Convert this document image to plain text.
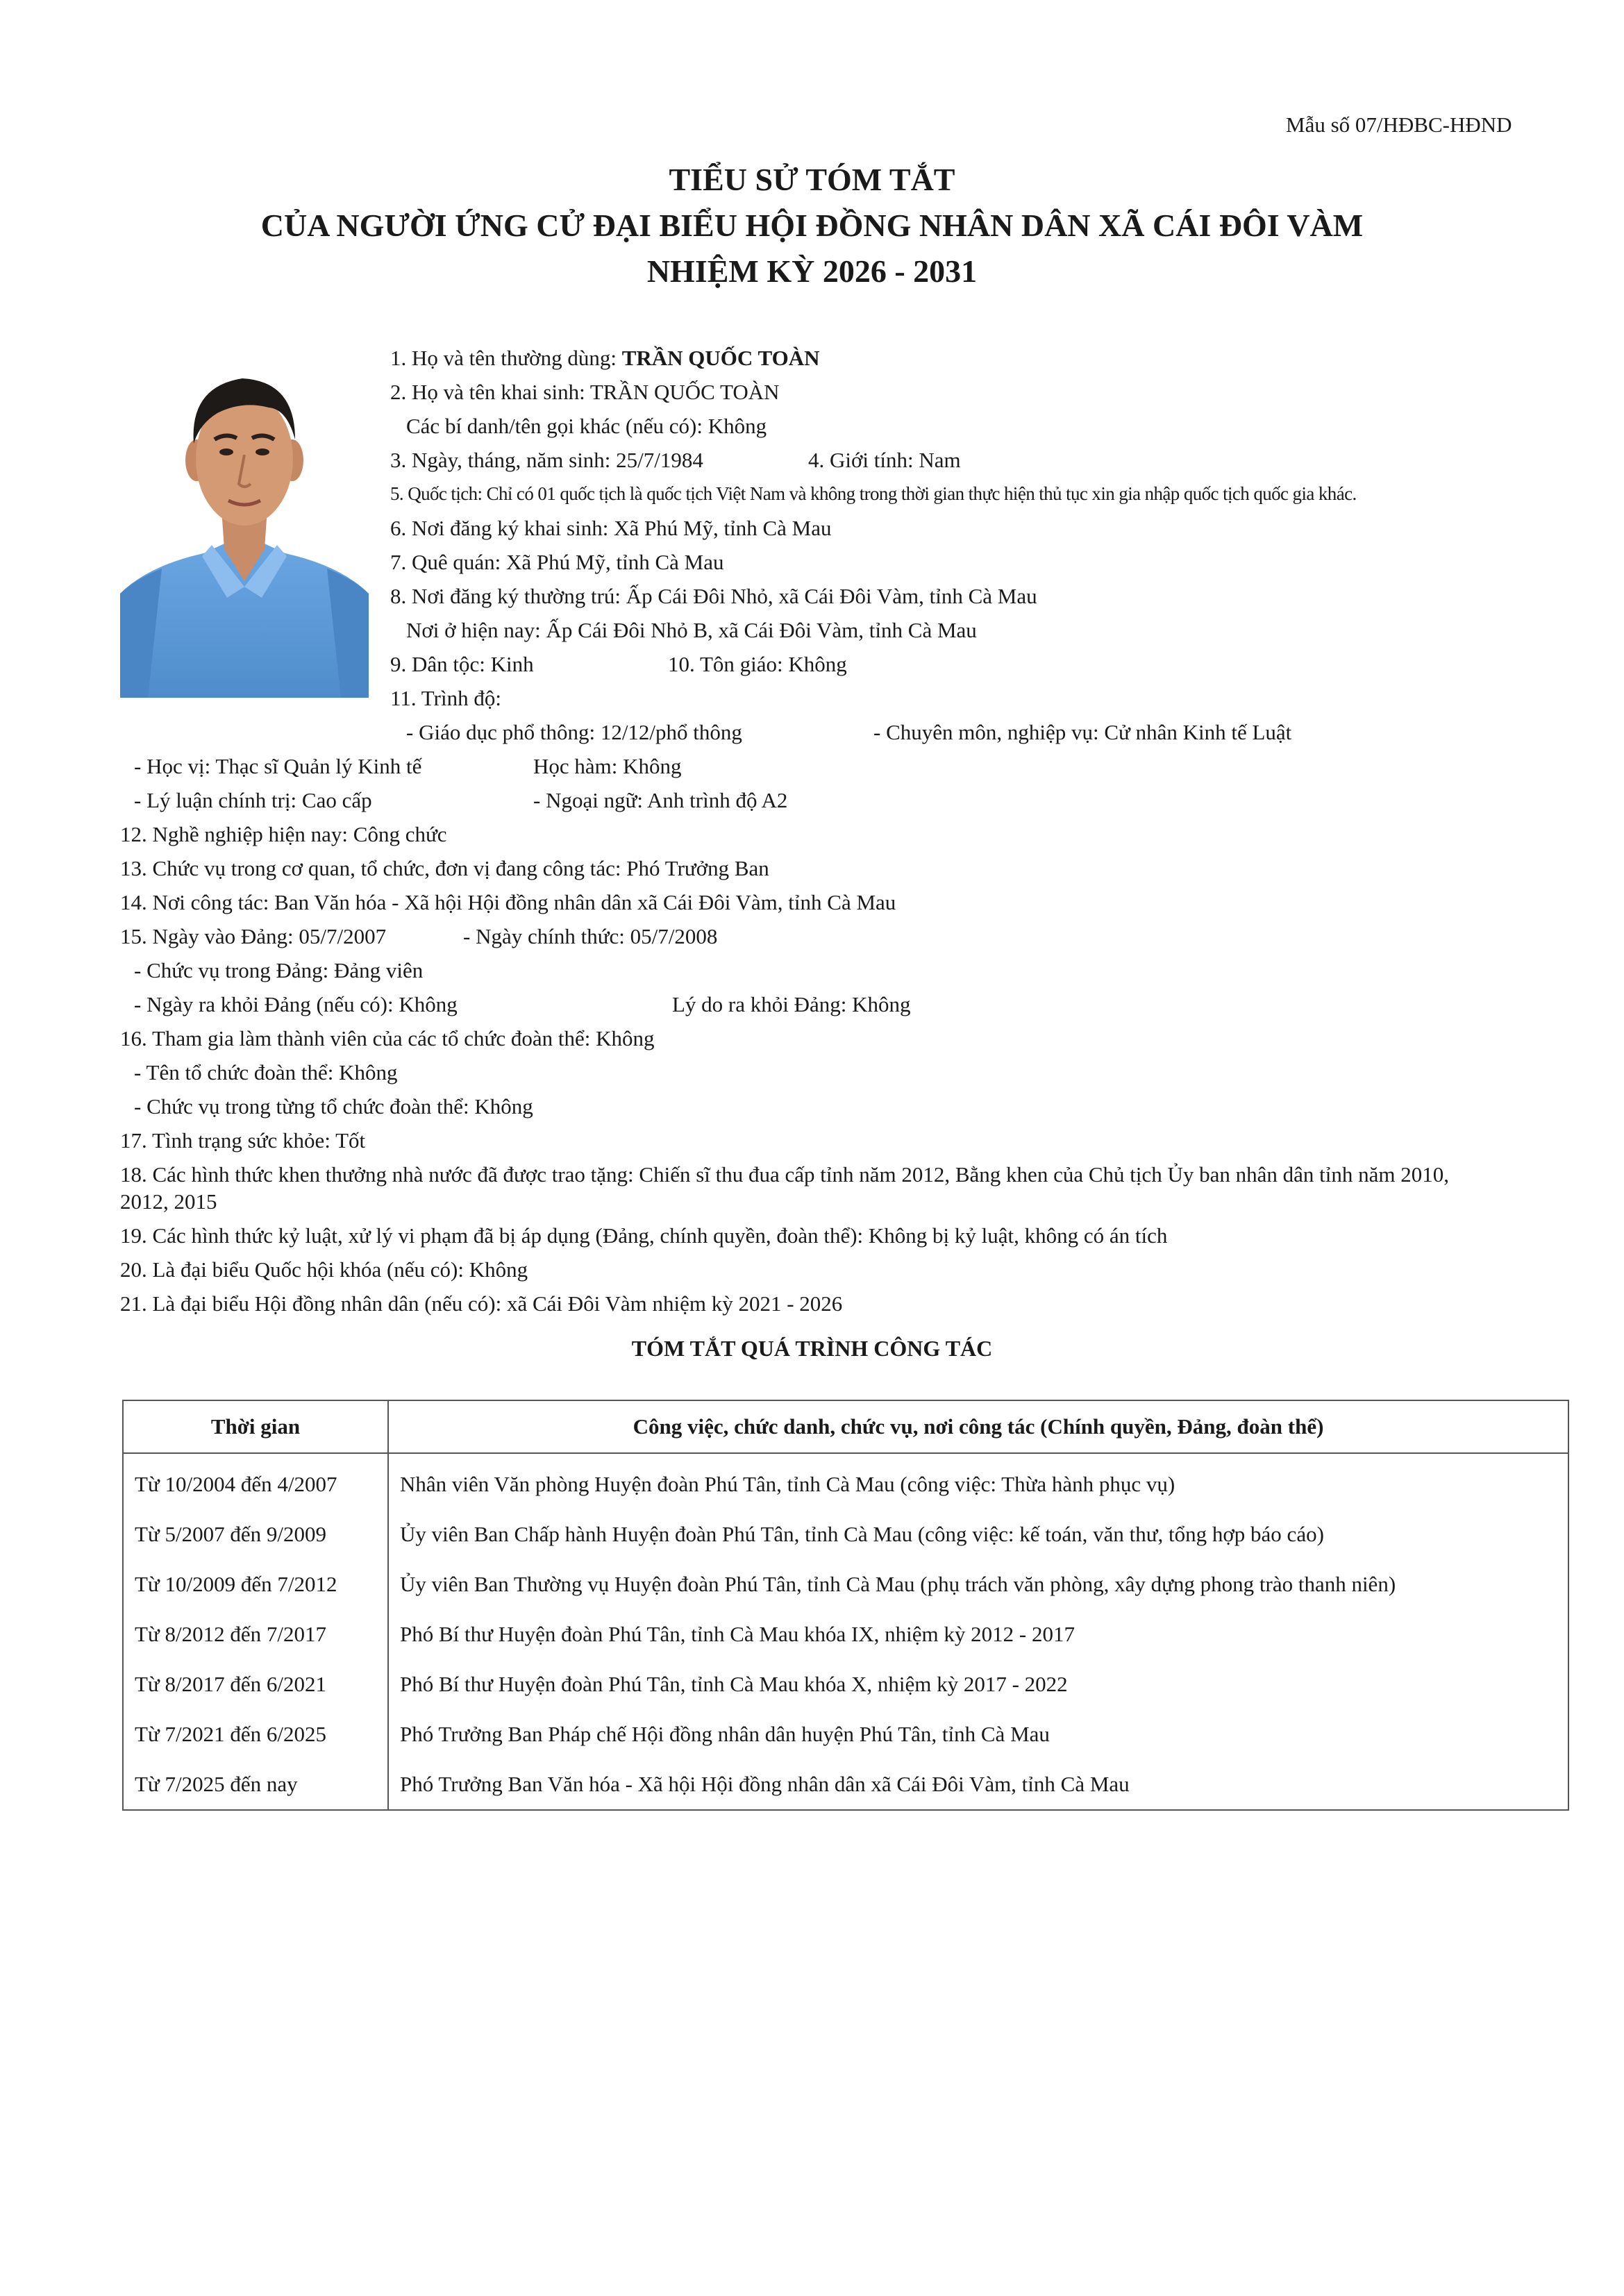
Mẫu số 07/HĐBC-HĐND
TIỂU SỬ TÓM TẮT
CỦA NGƯỜI ỨNG CỬ ĐẠI BIỂU HỘI ĐỒNG NHÂN DÂN XÃ CÁI ĐÔI VÀM
NHIỆM KỲ 2026 - 2031
1. Họ và tên thường dùng: TRẦN QUỐC TOÀN
2. Họ và tên khai sinh: TRẦN QUỐC TOÀN
Các bí danh/tên gọi khác (nếu có): Không
3. Ngày, tháng, năm sinh: 25/7/1984	4. Giới tính: Nam
5. Quốc tịch: Chỉ có 01 quốc tịch là quốc tịch Việt Nam và không trong thời gian thực hiện thủ tục xin gia nhập quốc tịch quốc gia khác.
6. Nơi đăng ký khai sinh: Xã Phú Mỹ, tỉnh Cà Mau
7. Quê quán: Xã Phú Mỹ, tỉnh Cà Mau
8. Nơi đăng ký thường trú: Ấp Cái Đôi Nhỏ, xã Cái Đôi Vàm, tỉnh Cà Mau
Nơi ở hiện nay: Ấp Cái Đôi Nhỏ B, xã Cái Đôi Vàm, tỉnh Cà Mau
9. Dân tộc: Kinh	10. Tôn giáo: Không
11. Trình độ:
- Giáo dục phổ thông: 12/12/phổ thông	- Chuyên môn, nghiệp vụ: Cử nhân Kinh tế Luật
- Học vị: Thạc sĩ Quản lý Kinh tế	Học hàm: Không
- Lý luận chính trị: Cao cấp	- Ngoại ngữ: Anh trình độ A2
12. Nghề nghiệp hiện nay: Công chức
13. Chức vụ trong cơ quan, tổ chức, đơn vị đang công tác: Phó Trưởng Ban
14. Nơi công tác: Ban Văn hóa - Xã hội Hội đồng nhân dân xã Cái Đôi Vàm, tỉnh Cà Mau
15. Ngày vào Đảng: 05/7/2007	- Ngày chính thức: 05/7/2008
- Chức vụ trong Đảng: Đảng viên
- Ngày ra khỏi Đảng (nếu có): Không	Lý do ra khỏi Đảng: Không
16. Tham gia làm thành viên của các tổ chức đoàn thể: Không
- Tên tổ chức đoàn thể: Không
- Chức vụ trong từng tổ chức đoàn thể: Không
17. Tình trạng sức khỏe: Tốt
18. Các hình thức khen thưởng nhà nước đã được trao tặng: Chiến sĩ thu đua cấp tỉnh năm 2012, Bằng khen của Chủ tịch Ủy ban nhân dân tỉnh năm 2010,
2012, 2015
19. Các hình thức kỷ luật, xử lý vi phạm đã bị áp dụng (Đảng, chính quyền, đoàn thể): Không bị kỷ luật, không có án tích
20. Là đại biểu Quốc hội khóa (nếu có): Không
21. Là đại biểu Hội đồng nhân dân (nếu có): xã Cái Đôi Vàm nhiệm kỳ 2021 - 2026
TÓM TẮT QUÁ TRÌNH CÔNG TÁC
Thời gian	Công việc, chức danh, chức vụ, nơi công tác (Chính quyền, Đảng, đoàn thể)
Từ 10/2004 đến 4/2007	Nhân viên Văn phòng Huyện đoàn Phú Tân, tỉnh Cà Mau (công việc: Thừa hành phục vụ)
Từ 5/2007 đến 9/2009	Ủy viên Ban Chấp hành Huyện đoàn Phú Tân, tỉnh Cà Mau (công việc: kế toán, văn thư, tổng hợp báo cáo)
Từ 10/2009 đến 7/2012	Ủy viên Ban Thường vụ Huyện đoàn Phú Tân, tỉnh Cà Mau (phụ trách văn phòng, xây dựng phong trào thanh niên)
Từ 8/2012 đến 7/2017	Phó Bí thư Huyện đoàn Phú Tân, tỉnh Cà Mau khóa IX, nhiệm kỳ 2012 - 2017
Từ 8/2017 đến 6/2021	Phó Bí thư Huyện đoàn Phú Tân, tỉnh Cà Mau khóa X, nhiệm kỳ 2017 - 2022
Từ 7/2021 đến 6/2025	Phó Trưởng Ban Pháp chế Hội đồng nhân dân huyện Phú Tân, tỉnh Cà Mau
Từ 7/2025 đến nay	Phó Trưởng Ban Văn hóa - Xã hội Hội đồng nhân dân xã Cái Đôi Vàm, tỉnh Cà Mau
